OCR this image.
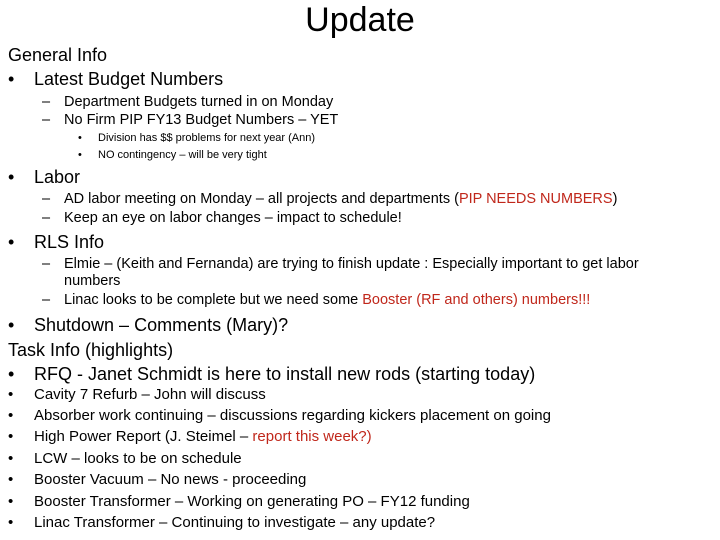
Update
General Info
• Latest Budget Numbers
– Department Budgets turned in on Monday
– No Firm PIP FY13 Budget Numbers – YET
• Division has $$ problems for next year (Ann)
• NO contingency – will be very tight
• Labor
– AD labor meeting on Monday – all projects and departments (PIP NEEDS NUMBERS)
– Keep an eye on labor changes – impact to schedule!
• RLS Info
– Elmie – (Keith and Fernanda) are trying to finish update : Especially important to get labor
numbers
– Linac looks to be complete but we need some Booster (RF and others) numbers!!!
• Shutdown – Comments (Mary)?
Task Info (highlights)
• RFQ - Janet Schmidt is here to install new rods (starting today)
• Cavity 7 Refurb – John will discuss
• Absorber work continuing – discussions regarding kickers placement on going
• High Power Report (J. Steimel – report this week?)
• LCW – looks to be on schedule
• Booster Vacuum – No news - proceeding
• Booster Transformer – Working on generating PO – FY12 funding
• Linac Transformer – Continuing to investigate – any update?
